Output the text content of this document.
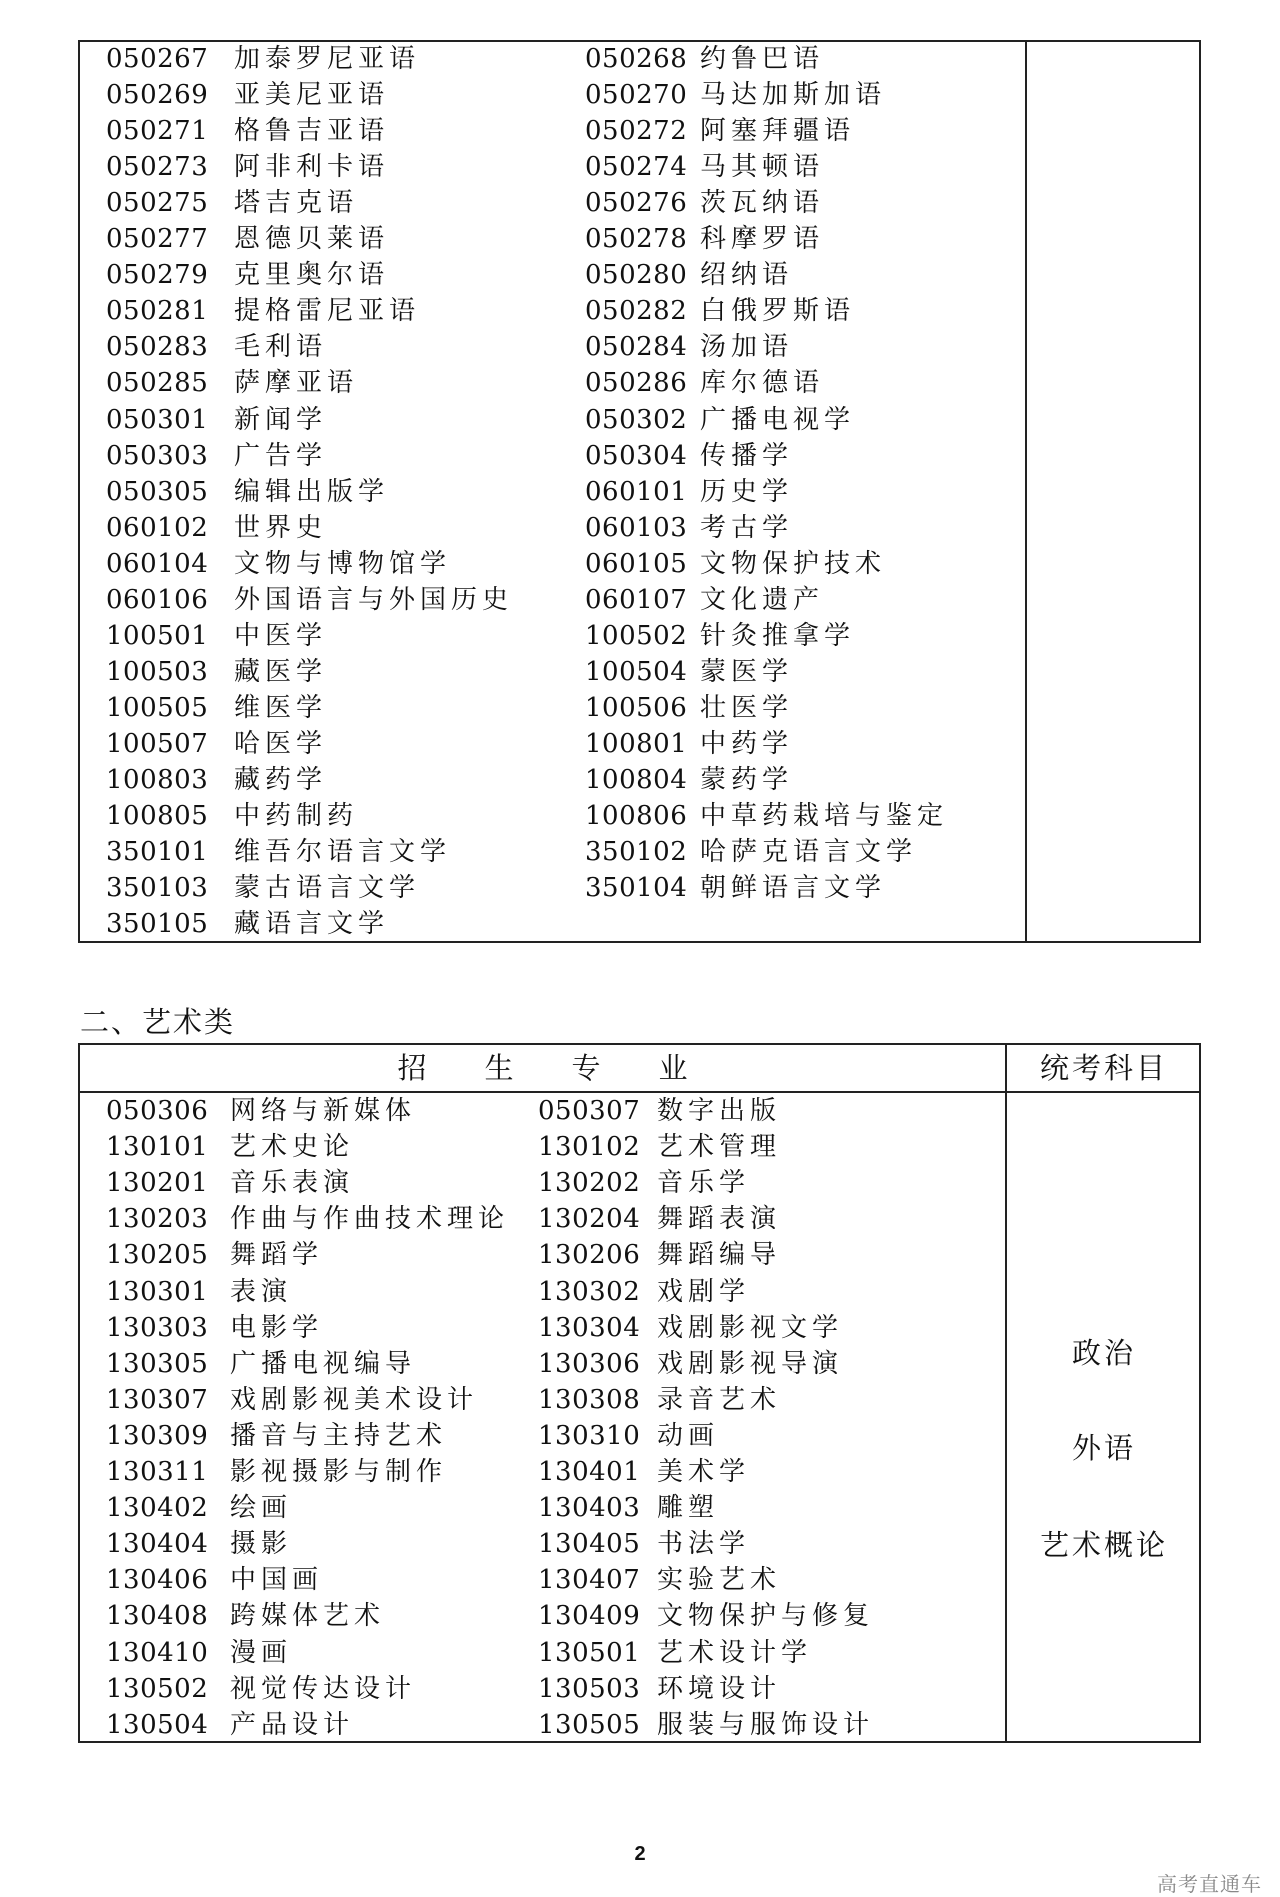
050267 加泰罗尼亚语	050268 约鲁巴语
050269 亚美尼亚语	050270 马达加斯加语
050271 格鲁吉亚语	050272 阿塞拜疆语
050273 阿非利卡语	050274 马其顿语
050275 塔吉克语	050276 茨瓦纳语
050277 恩德贝莱语	050278 科摩罗语
050279 克里奥尔语	050280 绍纳语
050281 提格雷尼亚语	050282 白俄罗斯语
050283 毛利语	050284 汤加语
050285 萨摩亚语	050286 库尔德语
050301 新闻学	050302 广播电视学
050303 广告学	050304 传播学
050305 编辑出版学	060101 历史学
060102 世界史	060103 考古学
060104 文物与博物馆学	060105 文物保护技术
060106 外国语言与外国历史	060107 文化遗产
100501 中医学	100502 针灸推拿学
100503 藏医学	100504 蒙医学
100505 维医学	100506 壮医学
100507 哈医学	100801 中药学
100803 藏药学	100804 蒙药学
100805 中药制药	100806 中草药栽培与鉴定
350101 维吾尔语言文学	350102 哈萨克语言文学
350103 蒙古语言文学	350104 朝鲜语言文学
350105 藏语言文学
二、艺术类
招生专业	统考科目
050306 网络与新媒体	050307 数字出版
130101 艺术史论	130102 艺术管理
130201 音乐表演	130202 音乐学
130203 作曲与作曲技术理论 130204 舞蹈表演
130205 舞蹈学	130206 舞蹈编导
130301 表演	130302 戏剧学
130303 电影学	130304 戏剧影视文学
130305 广播电视编导	130306 戏剧影视导演
130307 戏剧影视美术设计 130308 录音艺术
130309 播音与主持艺术	130310 动画
130311 影视摄影与制作	130401 美术学
130402 绘画	130403 雕塑
130404 摄影	130405 书法学
130406 中国画	130407 实验艺术
130408 跨媒体艺术	130409 文物保护与修复
130410 漫画	130501 艺术设计学
130502 视觉传达设计	130503 环境设计
130504 产品设计	130505 服装与服饰设计
政治
外语
艺术概论
2
高考直通车
